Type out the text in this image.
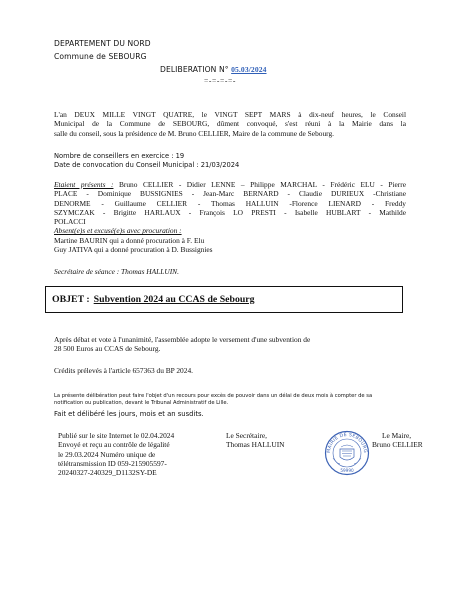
DEPARTEMENT DU NORD
Commune de SEBOURG
DELIBERATION N° 05.03/2024
=-=-=-=-
L'an DEUX MILLE VINGT QUATRE, le VINGT SEPT MARS à dix-neuf heures, le Conseil
Municipal de la Commune de SEBOURG, dûment convoqué, s'est réuni à la Mairie dans la
salle du conseil, sous la présidence de M. Bruno CELLIER, Maire de la commune de Sebourg.
Nombre de conseillers en exercice : 19
Date de convocation du Conseil Municipal : 21/03/2024
Etaient présents : Bruno CELLIER - Didier LENNE – Philippe MARCHAL - Frédéric ELU - Pierre
PLACE - Dominique BUSSIGNIES - Jean-Marc BERNARD - Claudie DURIEUX -Christiane
DENORME - Guillaume CELLIER - Thomas HALLUIN -Florence LIENARD - Freddy
SZYMCZAK - Brigitte HARLAUX - François LO PRESTI - Isabelle HUBLART - Mathilde
POLACCI
Absent(e)s et excusé(e)s avec procuration :
Martine BAURIN qui a donné procuration à F. Elu
Guy JATIVA qui a donné procuration à D. Bussignies
Secrétaire de séance : Thomas HALLUIN.
OBJET : Subvention 2024 au CCAS de Sebourg
Après débat et vote à l'unanimité, l'assemblée adopte le versement d'une subvention de
28 500 Euros au CCAS de Sebourg.
Crédits prélevés à l'article 657363 du BP 2024.
La présente délibération peut faire l'objet d'un recours pour excès de pouvoir dans un délai de deux mois à compter de sa
notification ou publication, devant le Tribunal Administratif de Lille.
Fait et délibéré les jours, mois et an susdits.
Publié sur le site Internet le 02.04.2024
Envoyé et reçu au contrôle de légalité
le 29.03.2024 Numéro unique de
télétransmission ID 059-215905597-
20240327-240329_D1132SY-DE
Le Secrétaire,
Thomas HALLUIN
MAIRIE DE SEBOURG
59990
Le Maire,
Bruno CELLIER
